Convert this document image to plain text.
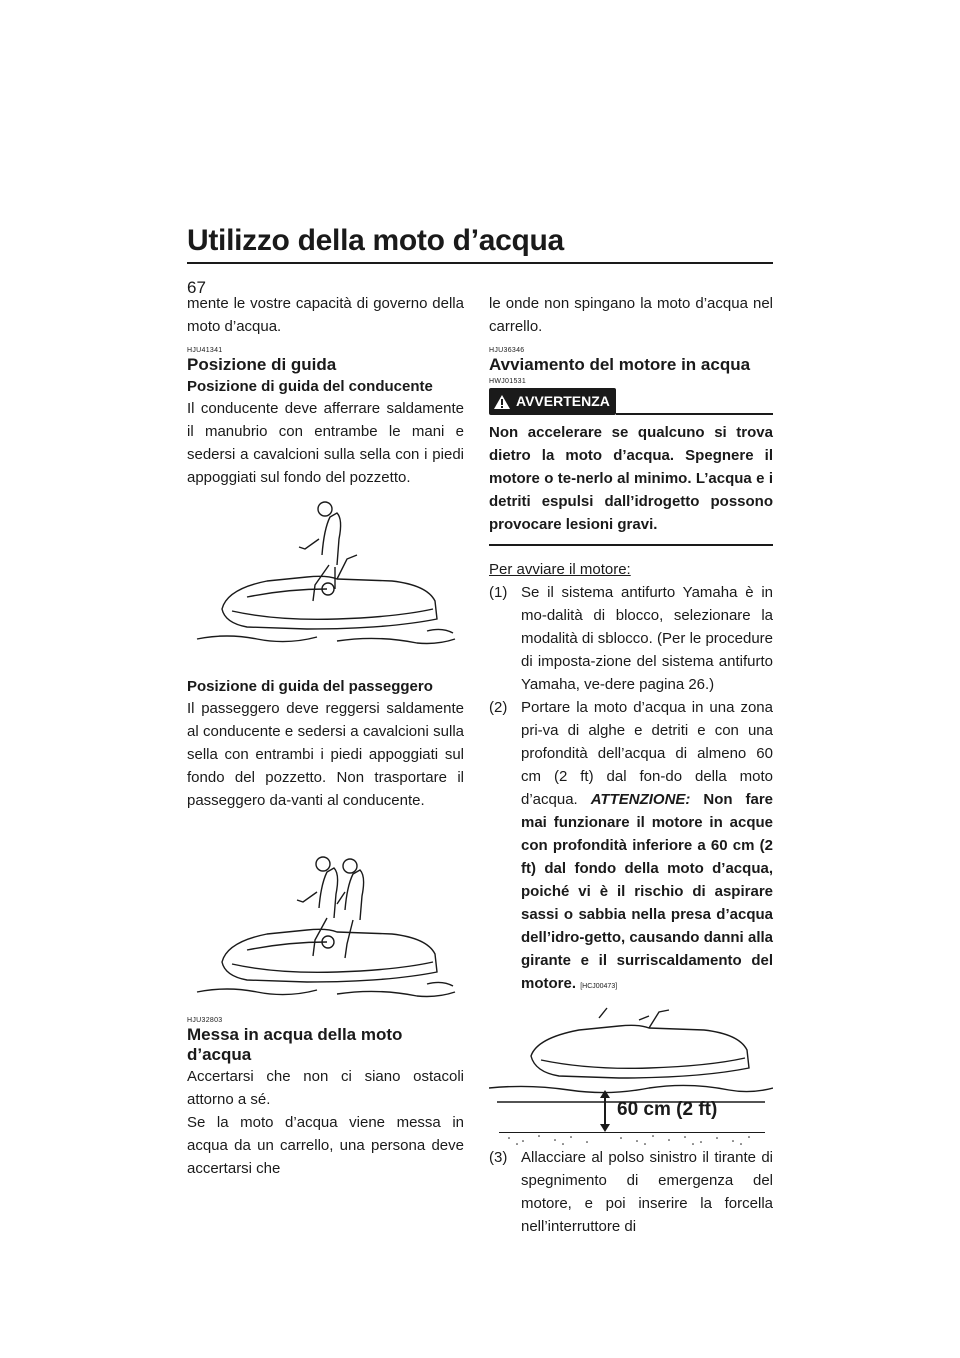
Utilizzo della moto d’acqua
67

mente le vostre capacità di governo della moto d’acqua.

HJU41341
Posizione di guida
Posizione di guida del conducente

Il conducente deve afferrare saldamente il manubrio con entrambe le mani e sedersi a cavalcioni sulla sella con i piedi appoggiati sul fondo del pozzetto.

Posizione di guida del passeggero

Il passeggero deve reggersi saldamente al conducente e sedersi a cavalcioni sulla sella con entrambi i piedi appoggiati sul fondo del pozzetto. Non trasportare il passeggero da-vanti al conducente.

HJU32803
Messa in acqua della moto d’acqua

Accertarsi che non ci siano ostacoli attorno a sé.

Se la moto d’acqua viene messa in acqua da un carrello, una persona deve accertarsi che

le onde non spingano la moto d’acqua nel carrello.

HJU36346
Avviamento del motore in acqua
HWJ01531
AVVERTENZA
Non accelerare se qualcuno si trova dietro la moto d’acqua. Spegnere il motore o te-nerlo al minimo. L’acqua e i detriti espulsi dall’idrogetto possono provocare lesioni gravi.

Per avviare il motore:

(1) Se il sistema antifurto Yamaha è in mo-dalità di blocco, selezionare la modalità di sblocco. (Per le procedure di imposta-zione del sistema antifurto Yamaha, ve-dere pagina 26.)
(2) Portare la moto d’acqua in una zona pri-va di alghe e detriti e con una profondità dell’acqua di almeno 60 cm (2 ft) dal fon-do della moto d’acqua. ATTENZIONE: Non fare mai funzionare il motore in acque con profondità inferiore a 60 cm (2 ft) dal fondo della moto d’acqua, poiché vi è il rischio di aspirare sassi o sabbia nella presa d’acqua dell’idro-getto, causando danni alla girante e il surriscaldamento del motore. [HCJ00473]
60 cm (2 ft)
(3) Allacciare al polso sinistro il tirante di spegnimento di emergenza del motore, e poi inserire la forcella nell’interruttore di
